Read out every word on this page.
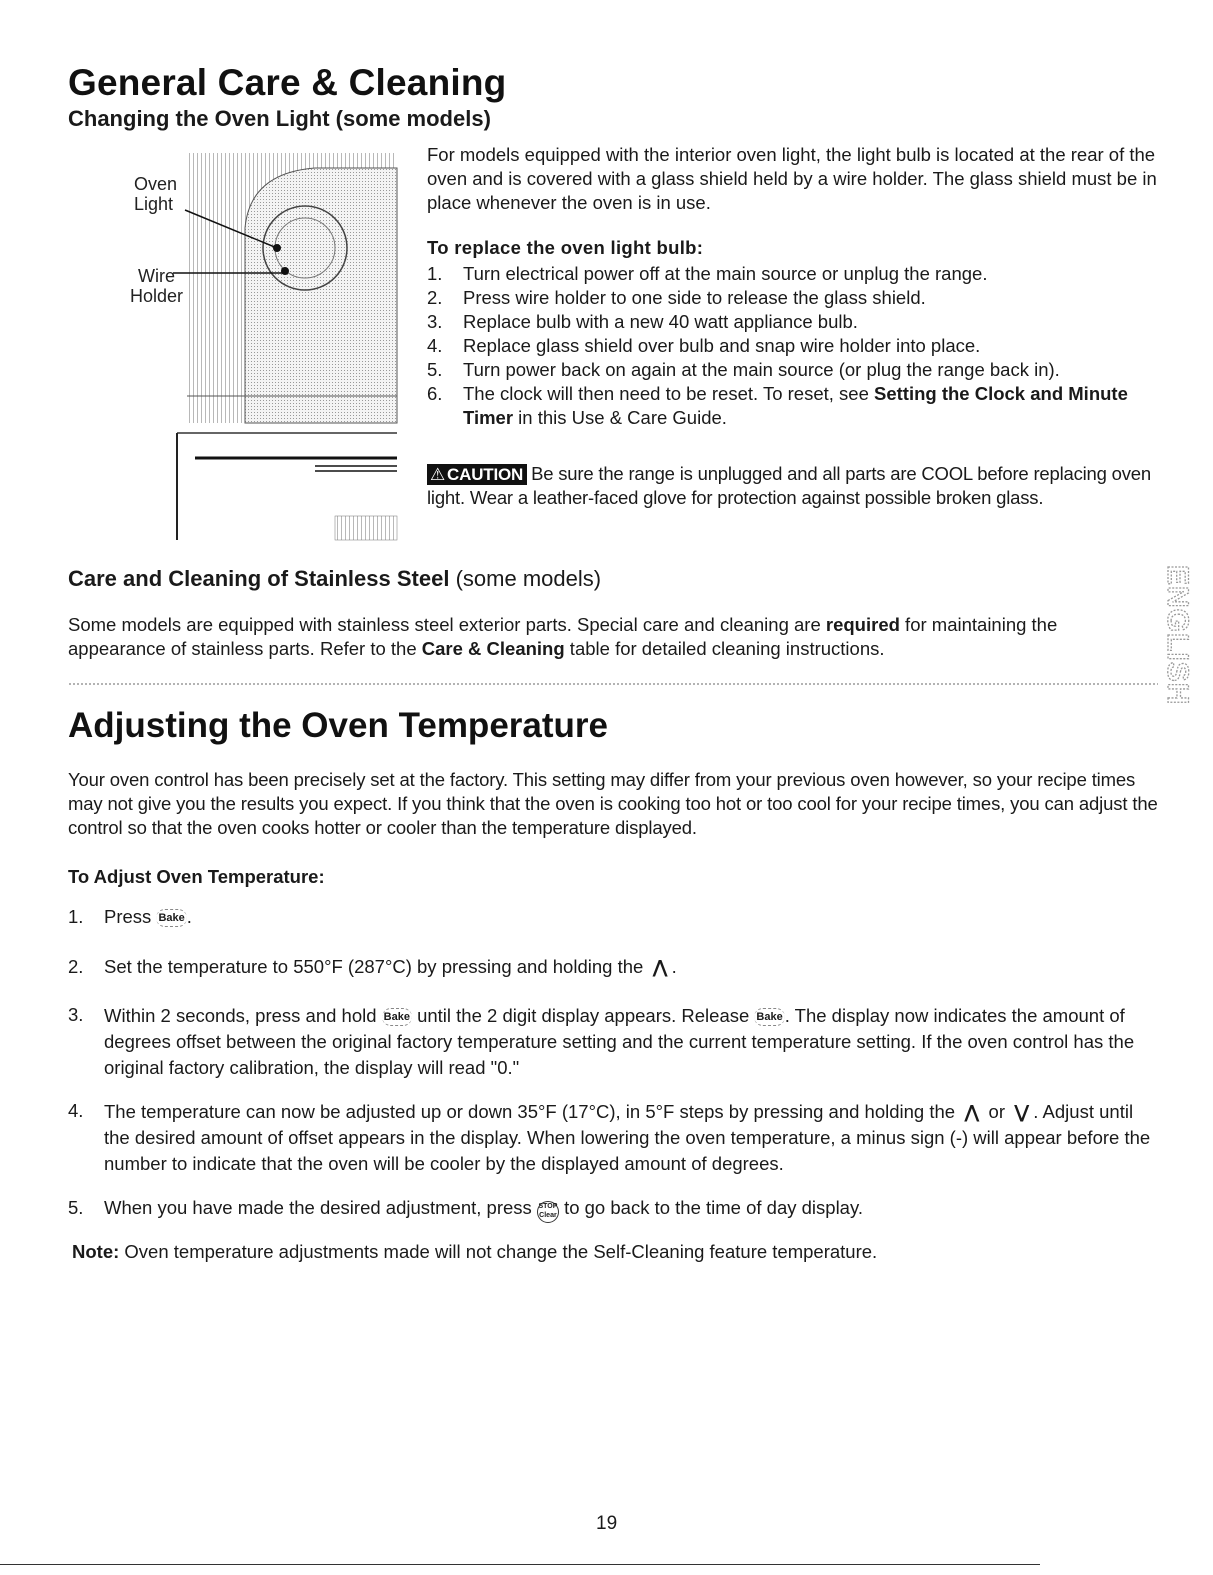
General Care & Cleaning
Changing the Oven Light (some models)
Oven
Light
Wire
Holder
For models equipped with the interior oven light, the light bulb is located at the rear of the oven and is covered with a glass shield held by a wire holder. The glass shield must be in place whenever the oven is in use.
To replace the oven light bulb:
1. Turn electrical power off at the main source or unplug the range.
2. Press wire holder to one side to release the glass shield.
3. Replace bulb with a new 40 watt appliance bulb.
4. Replace glass shield over bulb and snap wire holder into place.
5. Turn power back on again at the main source (or plug the range back in).
6. The clock will then need to be reset. To reset, see Setting the Clock and Minute Timer in this Use & Care Guide.
⚠ CAUTION Be sure the range is unplugged and all parts are COOL before replacing oven light. Wear a leather-faced glove for protection against possible broken glass.
Care and Cleaning of Stainless Steel (some models)
Some models are equipped with stainless steel exterior parts. Special care and cleaning are required for maintaining the appearance of stainless parts. Refer to the Care & Cleaning table for detailed cleaning instructions.	ENGLISH
Adjusting the Oven Temperature
Your oven control has been precisely set at the factory. This setting may differ from your previous oven however, so your recipe times may not give you the results you expect. If you think that the oven is cooking too hot or too cool for your recipe times, you can adjust the control so that the oven cooks hotter or cooler than the temperature displayed.
To Adjust Oven Temperature:
1. Press Bake .
2. Set the temperature to 550°F (287°C) by pressing and holding the ⋀ .
3. Within 2 seconds, press and hold Bake until the 2 digit display appears. Release Bake . The display now indicates the amount of degrees offset between the original factory temperature setting and the current temperature setting. If the oven control has the original factory calibration, the display will read "0."
4. The temperature can now be adjusted up or down 35°F (17°C), in 5°F steps by pressing and holding the ⋀ or ⋁ . Adjust until the desired amount of offset appears in the display. When lowering the oven temperature, a minus sign (-) will appear before the number to indicate that the oven will be cooler by the displayed amount of degrees.
5. When you have made the desired adjustment, press STOP
Clear to go back to the time of day display.
Note: Oven temperature adjustments made will not change the Self-Cleaning feature temperature.
19
